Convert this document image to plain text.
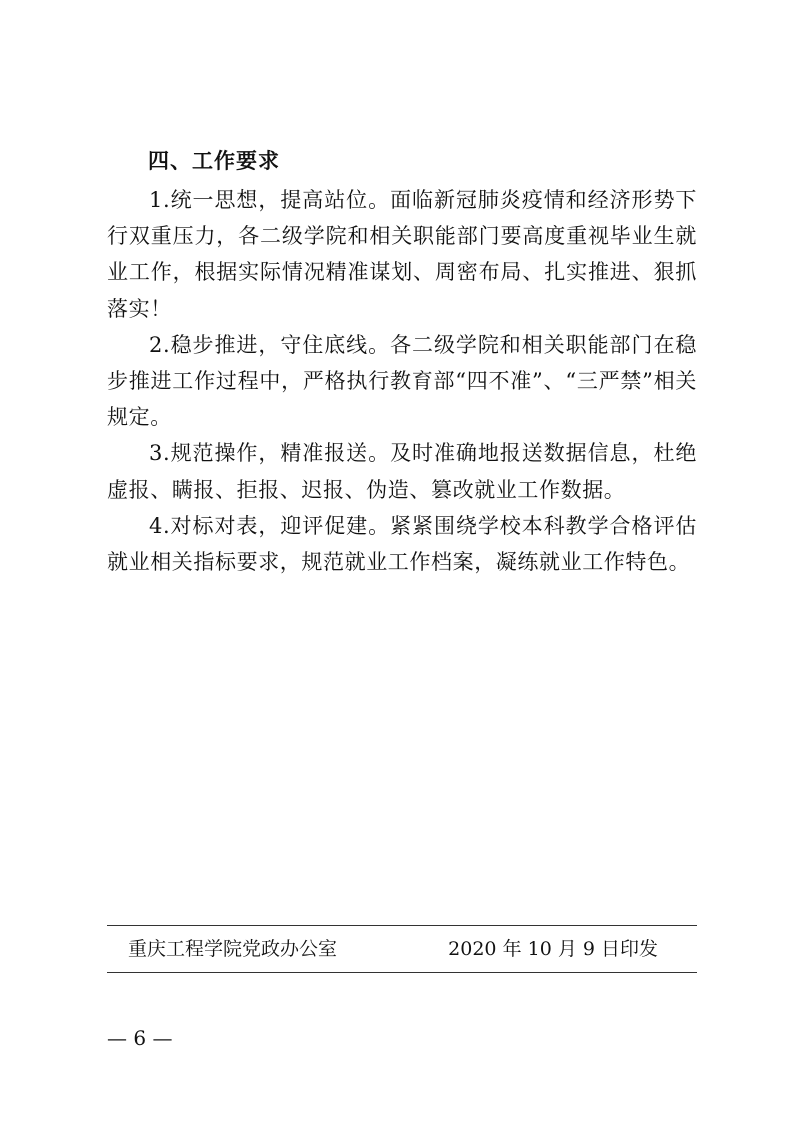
四、工作要求

1.统一思想，提高站位。面临新冠肺炎疫情和经济形势下行双重压力，各二级学院和相关职能部门要高度重视毕业生就业工作，根据实际情况精准谋划、周密布局、扎实推进、狠抓落实！

2.稳步推进，守住底线。各二级学院和相关职能部门在稳步推进工作过程中，严格执行教育部“四不准”、“三严禁”相关规定。

3.规范操作，精准报送。及时准确地报送数据信息，杜绝虚报、瞒报、拒报、迟报、伪造、篡改就业工作数据。

4.对标对表，迎评促建。紧紧围绕学校本科教学合格评估就业相关指标要求，规范就业工作档案，凝练就业工作特色。

重庆工程学院党政办公室	2020 年 10 月 9 日印发
— 6 —
